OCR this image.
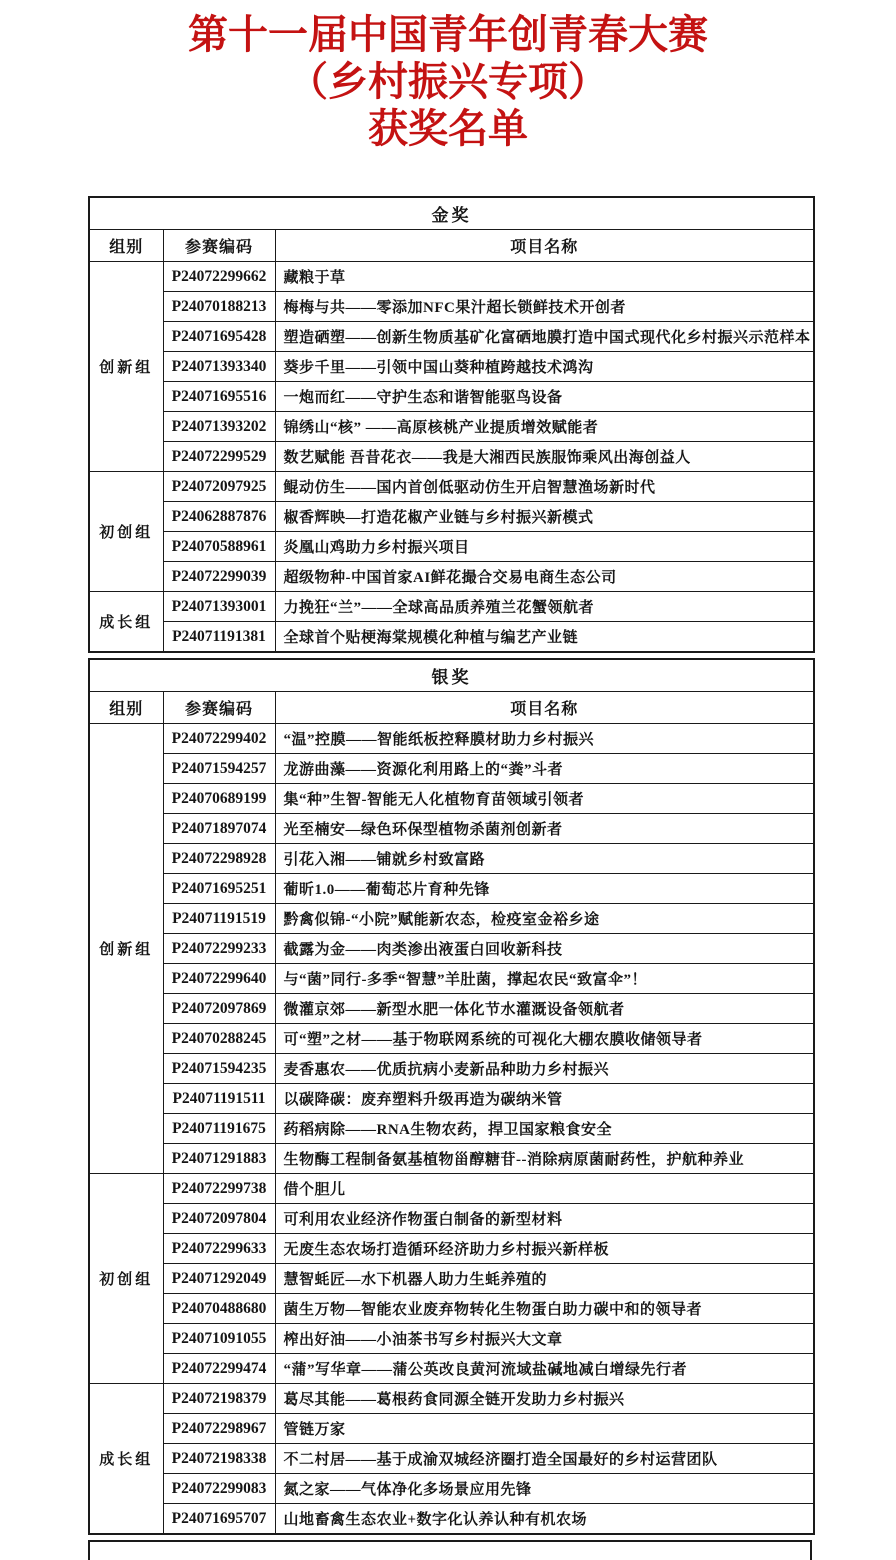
第十一届中国青年创青春大赛
（乡村振兴专项）
获奖名单
金奖		
组别	参赛编码	项目名称
创新组	P24072299662	藏粮于草
	P24070188213	梅梅与共——零添加NFC果汁超长锁鲜技术开创者
	P24071695428	塑造硒塑——创新生物质基矿化富硒地膜打造中国式现代化乡村振兴示范样本
	P24071393340	葵步千里——引领中国山葵种植跨越技术鸿沟
	P24071695516	一炮而红——守护生态和谐智能驱鸟设备
	P24071393202	锦绣山“核” ——高原核桃产业提质增效赋能者
	P24072299529	数艺赋能 吾昔花衣——我是大湘西民族服饰乘风出海创益人
初创组	P24072097925	鲲动仿生——国内首创低驱动仿生开启智慧渔场新时代
	P24062887876	椒香辉映—打造花椒产业链与乡村振兴新模式
	P24070588961	炎凰山鸡助力乡村振兴项目
	P24072299039	超级物种-中国首家AI鲜花撮合交易电商生态公司
成长组	P24071393001	力挽狂“兰”——全球高品质养殖兰花蟹领航者
	P24071191381	全球首个贴梗海棠规模化种植与编艺产业链
银奖		
组别	参赛编码	项目名称
创新组	P24072299402	“温”控膜——智能纸板控释膜材助力乡村振兴
	P24071594257	龙游曲藻——资源化利用路上的“粪”斗者
	P24070689199	集“种”生智-智能无人化植物育苗领域引领者
	P24071897074	光至楠安—绿色环保型植物杀菌剂创新者
	P24072298928	引花入湘——铺就乡村致富路
	P24071695251	葡昕1.0——葡萄芯片育种先锋
	P24071191519	黔禽似锦-“小院”赋能新农态，检疫室金裕乡途
	P24072299233	截露为金——肉类渗出液蛋白回收新科技
	P24072299640	与“菌”同行-多季“智慧”羊肚菌，撑起农民“致富伞”！
	P24072097869	微灌京郊——新型水肥一体化节水灌溉设备领航者
	P24070288245	可“塑”之材——基于物联网系统的可视化大棚农膜收储领导者
	P24071594235	麦香惠农——优质抗病小麦新品种助力乡村振兴
	P24071191511	以碳降碳：废弃塑料升级再造为碳纳米管
	P24071191675	药稻病除——RNA生物农药，捍卫国家粮食安全
	P24071291883	生物酶工程制备氨基植物甾醇糖苷--消除病原菌耐药性，护航种养业
初创组	P24072299738	借个胆儿
	P24072097804	可利用农业经济作物蛋白制备的新型材料
	P24072299633	无废生态农场打造循环经济助力乡村振兴新样板
	P24071292049	慧智蚝匠—水下机器人助力生蚝养殖的
	P24070488680	菌生万物—智能农业废弃物转化生物蛋白助力碳中和的领导者
	P24071091055	榨出好油——小油茶书写乡村振兴大文章
	P24072299474	“蒲”写华章——蒲公英改良黄河流域盐碱地减白增绿先行者
成长组	P24072198379	葛尽其能——葛根药食同源全链开发助力乡村振兴
	P24072298967	管链万家
	P24072198338	不二村居——基于成渝双城经济圈打造全国最好的乡村运营团队
	P24072299083	氮之家——气体净化多场景应用先锋
	P24071695707	山地畜禽生态农业+数字化认养认种有机农场
